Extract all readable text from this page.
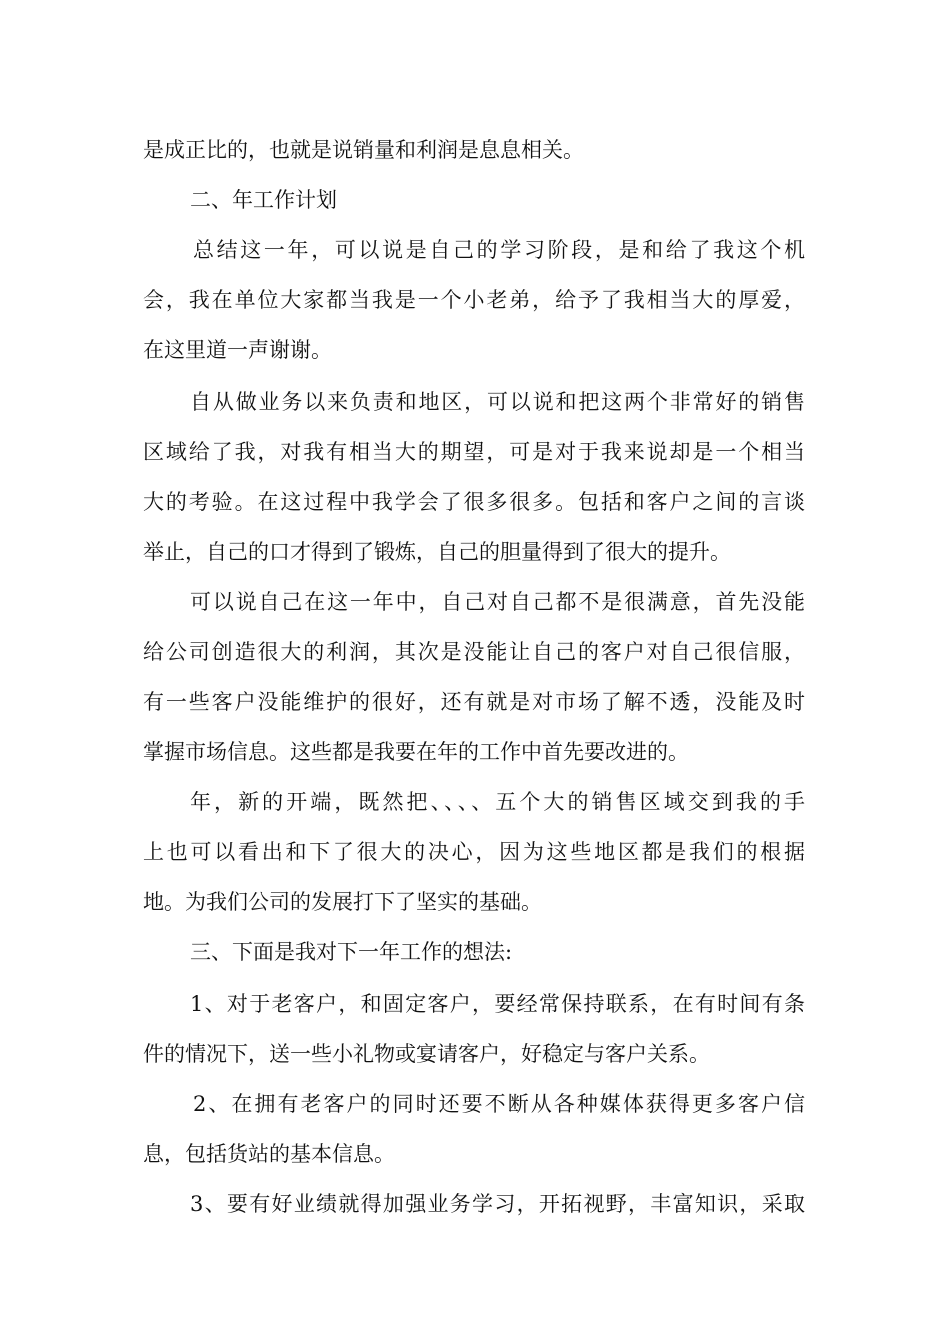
是成正比的，也就是说销量和利润是息息相关。
二、年工作计划
总结这一年，可以说是自己的学习阶段，是和给了我这个机
会，我在单位大家都当我是一个小老弟，给予了我相当大的厚爱，
在这里道一声谢谢。
自从做业务以来负责和地区，可以说和把这两个非常好的销售
区域给了我，对我有相当大的期望，可是对于我来说却是一个相当
大的考验。在这过程中我学会了很多很多。包括和客户之间的言谈
举止，自己的口才得到了锻炼，自己的胆量得到了很大的提升。
可以说自己在这一年中，自己对自己都不是很满意，首先没能
给公司创造很大的利润，其次是没能让自己的客户对自己很信服，
有一些客户没能维护的很好，还有就是对市场了解不透，没能及时
掌握市场信息。这些都是我要在年的工作中首先要改进的。
年，新的开端，既然把、、、、五个大的销售区域交到我的手
上也可以看出和下了很大的决心，因为这些地区都是我们的根据
地。为我们公司的发展打下了坚实的基础。
三、下面是我对下一年工作的想法:
1、对于老客户，和固定客户，要经常保持联系，在有时间有条
件的情况下，送一些小礼物或宴请客户，好稳定与客户关系。
2、在拥有老客户的同时还要不断从各种媒体获得更多客户信
息，包括货站的基本信息。
3、要有好业绩就得加强业务学习，开拓视野，丰富知识，采取
